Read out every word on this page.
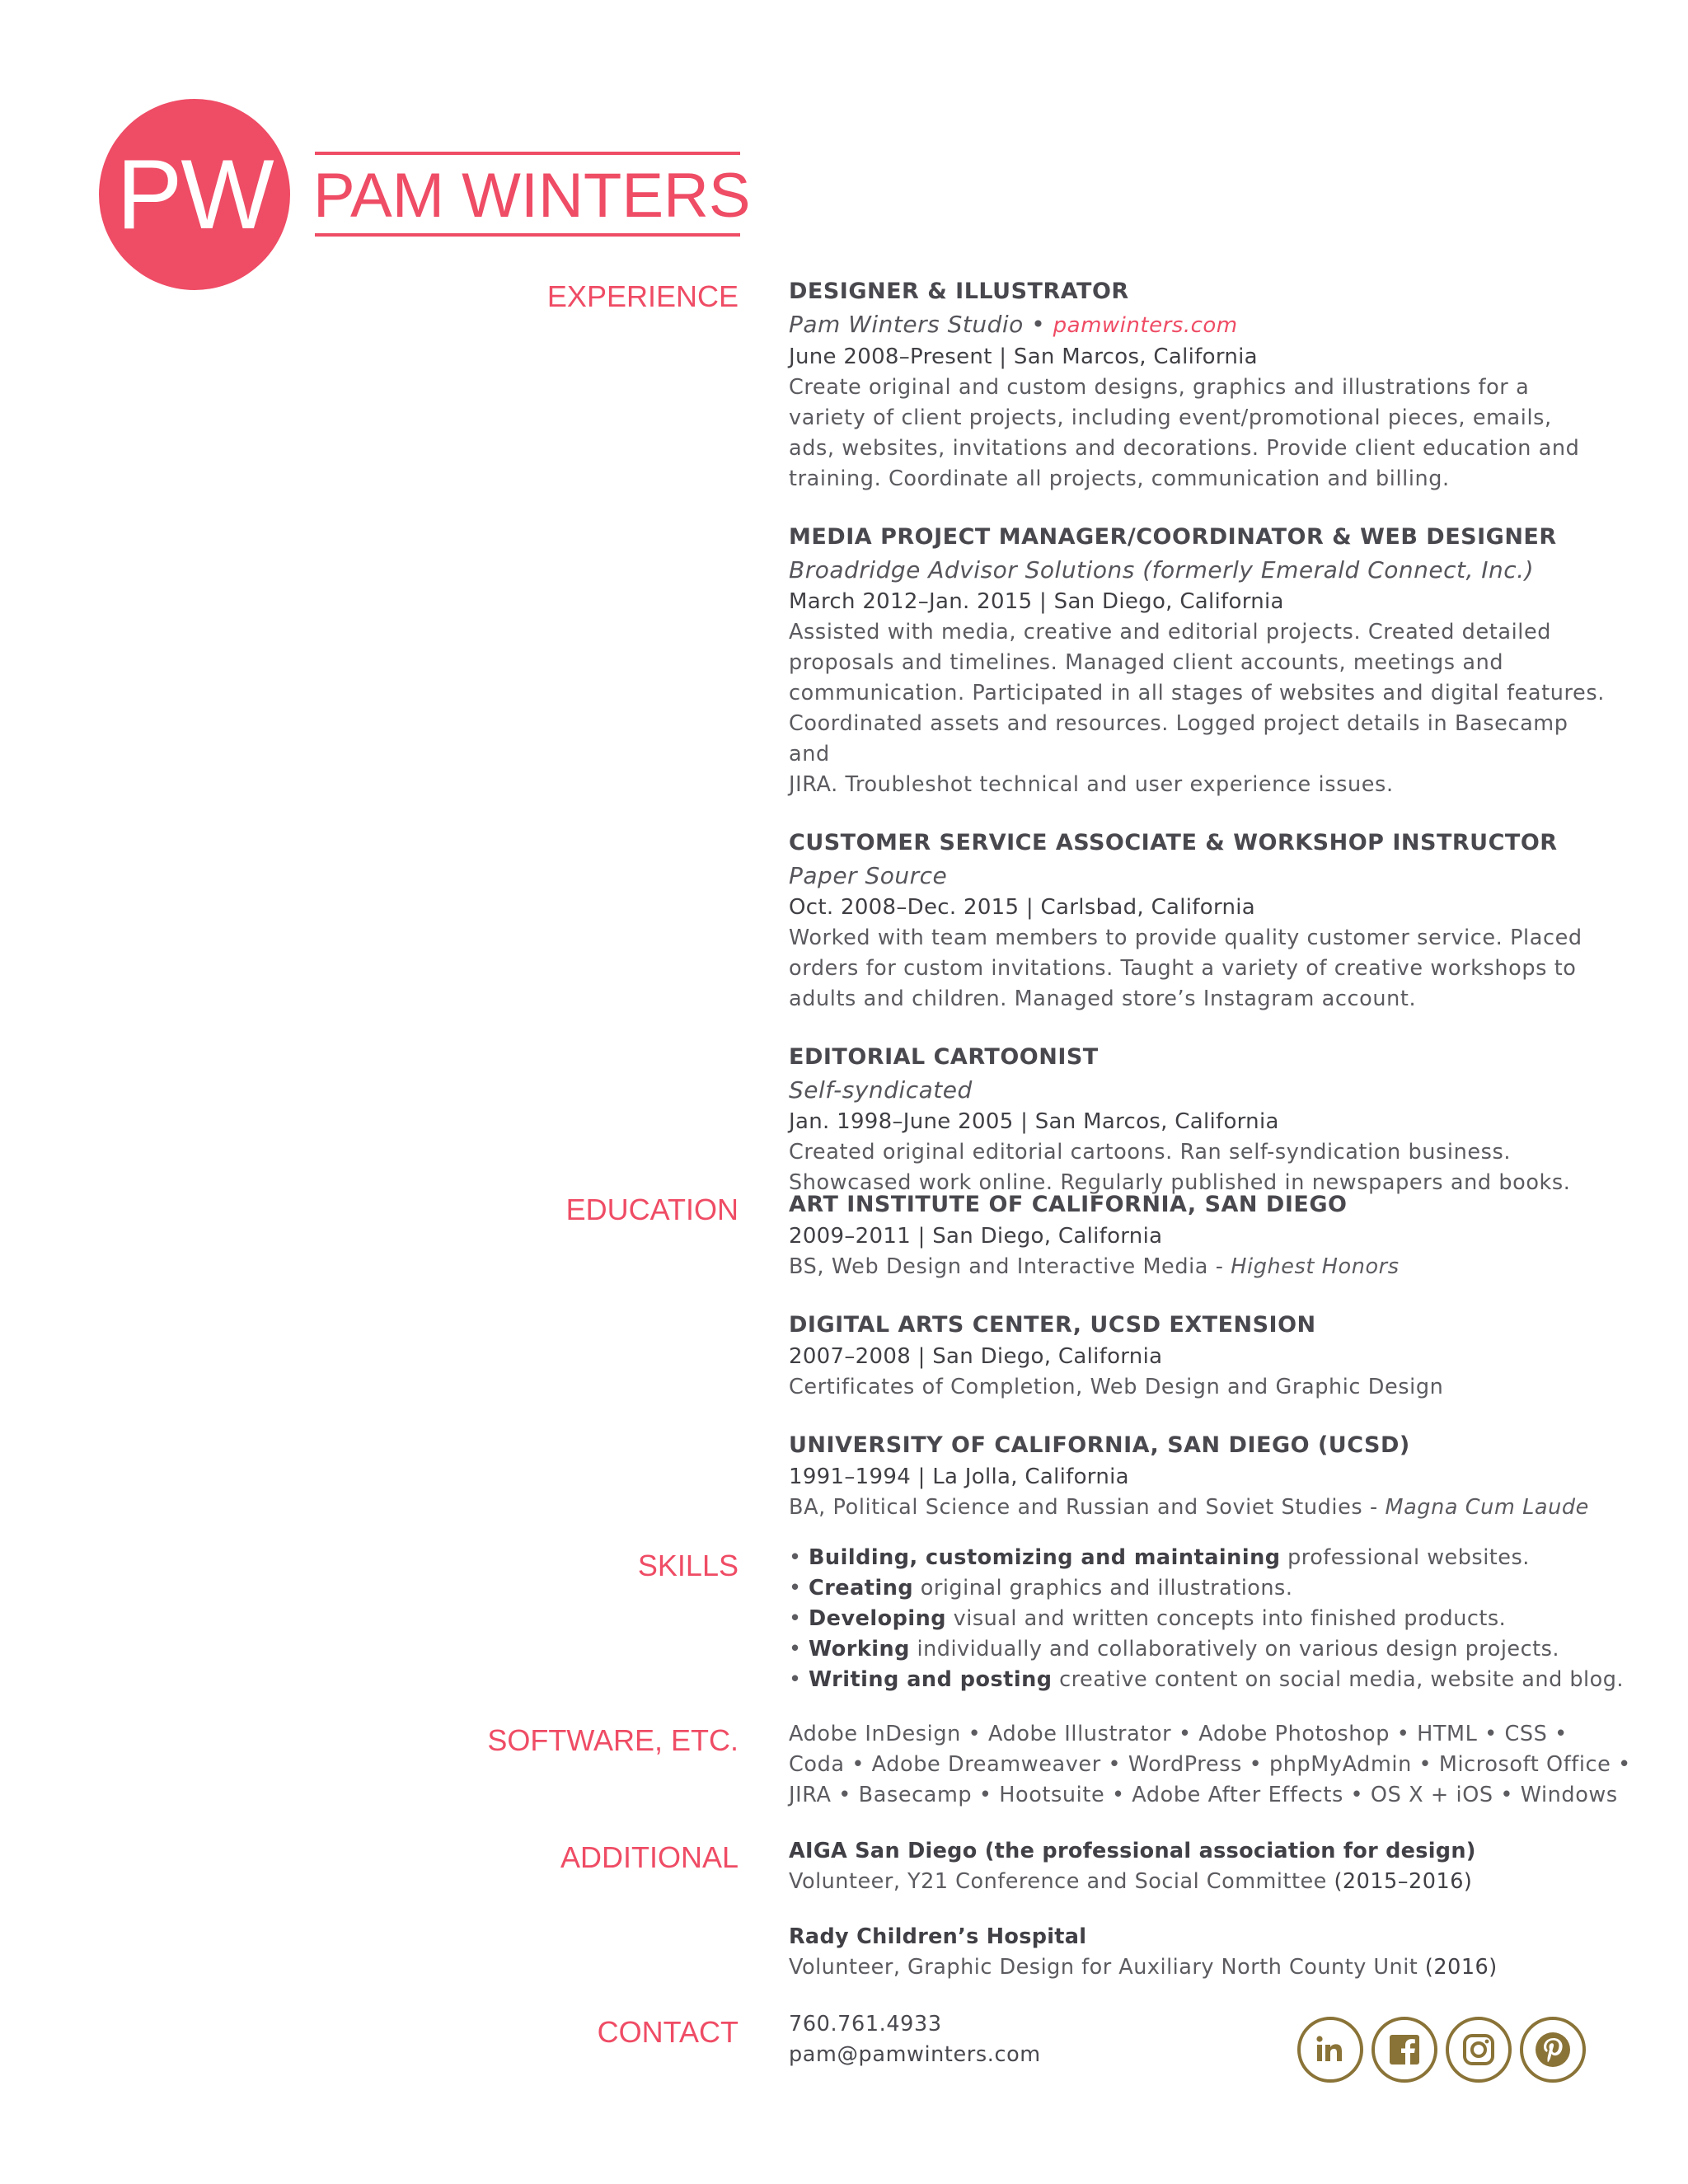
PW PAM WINTERS
EXPERIENCE DESIGNER & ILLUSTRATOR
Pam Winters Studio • pamwinters.com
June 2008–Present | San Marcos, California
Create original and custom designs, graphics and illustrations for a
variety of client projects, including event/promotional pieces, emails,
ads, websites, invitations and decorations. Provide client education and
training. Coordinate all projects, communication and billing.
MEDIA PROJECT MANAGER/COORDINATOR & WEB DESIGNER
Broadridge Advisor Solutions (formerly Emerald Connect, Inc.)
March 2012–Jan. 2015 | San Diego, California
Assisted with media, creative and editorial projects. Created detailed
proposals and timelines. Managed client accounts, meetings and
communication. Participated in all stages of websites and digital features.
Coordinated assets and resources. Logged project details in Basecamp and
JIRA. Troubleshot technical and user experience issues.
CUSTOMER SERVICE ASSOCIATE & WORKSHOP INSTRUCTOR
Paper Source
Oct. 2008–Dec. 2015 | Carlsbad, California
Worked with team members to provide quality customer service. Placed
orders for custom invitations. Taught a variety of creative workshops to
adults and children. Managed store’s Instagram account.
EDITORIAL CARTOONIST
Self-syndicated
Jan. 1998–June 2005 | San Marcos, California
Created original editorial cartoons. Ran self-syndication business.
Showcased work online. Regularly published in newspapers and books.
EDUCATION ART INSTITUTE OF CALIFORNIA, SAN DIEGO
2009–2011 | San Diego, California
BS, Web Design and Interactive Media - Highest Honors
DIGITAL ARTS CENTER, UCSD EXTENSION
2007–2008 | San Diego, California
Certificates of Completion, Web Design and Graphic Design
UNIVERSITY OF CALIFORNIA, SAN DIEGO (UCSD)
1991–1994 | La Jolla, California
BA, Political Science and Russian and Soviet Studies - Magna Cum Laude
SKILLS • Building, customizing and maintaining professional websites.
• Creating original graphics and illustrations.
• Developing visual and written concepts into finished products.
• Working individually and collaboratively on various design projects.
• Writing and posting creative content on social media, website and blog.
SOFTWARE, ETC. Adobe InDesign • Adobe Illustrator • Adobe Photoshop • HTML • CSS •
Coda • Adobe Dreamweaver • WordPress • phpMyAdmin • Microsoft Office •
JIRA • Basecamp • Hootsuite • Adobe After Effects • OS X + iOS • Windows
ADDITIONAL AIGA San Diego (the professional association for design)
Volunteer, Y21 Conference and Social Committee (2015–2016)
Rady Children’s Hospital
Volunteer, Graphic Design for Auxiliary North County Unit (2016)
CONTACT 760.761.4933
pam@pamwinters.com
